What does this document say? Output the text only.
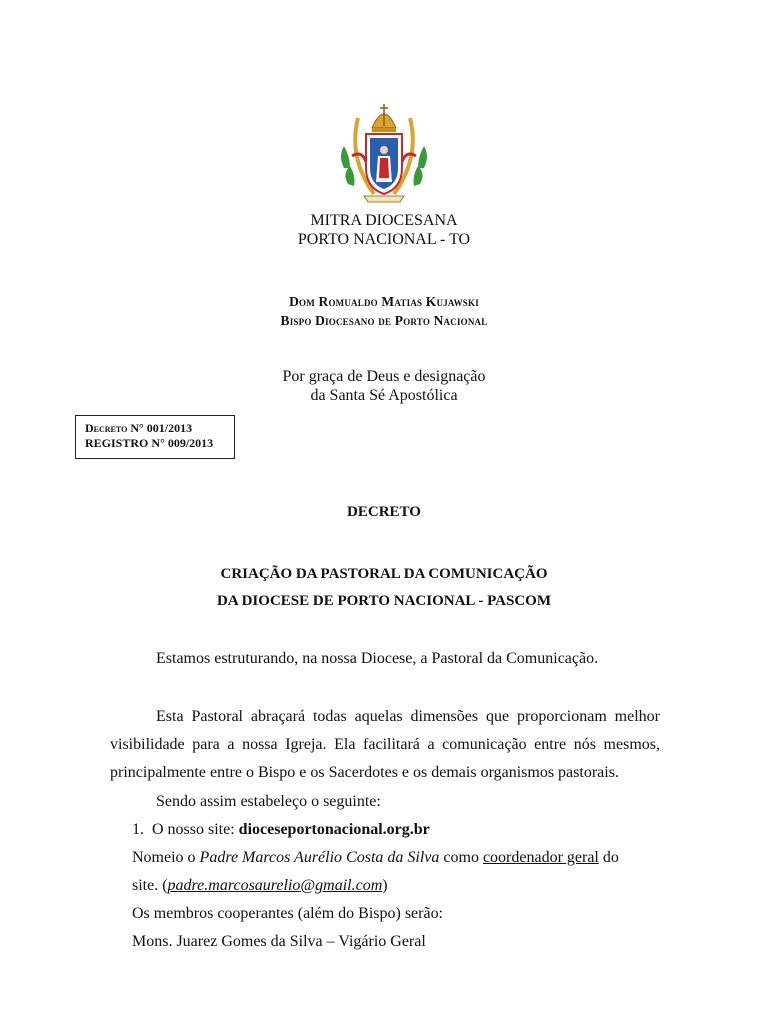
MITRA DIOCESANA
PORTO NACIONAL - TO
Dom Romualdo Matias Kujawski
Bispo Diocesano de Porto Nacional
Por graça de Deus e designação
da Santa Sé Apostólica
Decreto N° 001/2013
REGISTRO N° 009/2013
DECRETO
CRIAÇÃO DA PASTORAL DA COMUNICAÇÃO
DA DIOCESE DE PORTO NACIONAL - PASCOM
Estamos estruturando, na nossa Diocese, a Pastoral da Comunicação.
Esta Pastoral abraçará todas aquelas dimensões que proporcionam melhor visibilidade para a nossa Igreja. Ela facilitará a comunicação entre nós mesmos, principalmente entre o Bispo e os Sacerdotes e os demais organismos pastorais.
Sendo assim estabeleço o seguinte:
1.  O nosso site: dioceseportonacional.org.br
Nomeio o Padre Marcos Aurélio Costa da Silva como coordenador geral do
site. (padre.marcosaurelio@gmail.com)
Os membros cooperantes (além do Bispo) serão:
Mons. Juarez Gomes da Silva – Vigário Geral
